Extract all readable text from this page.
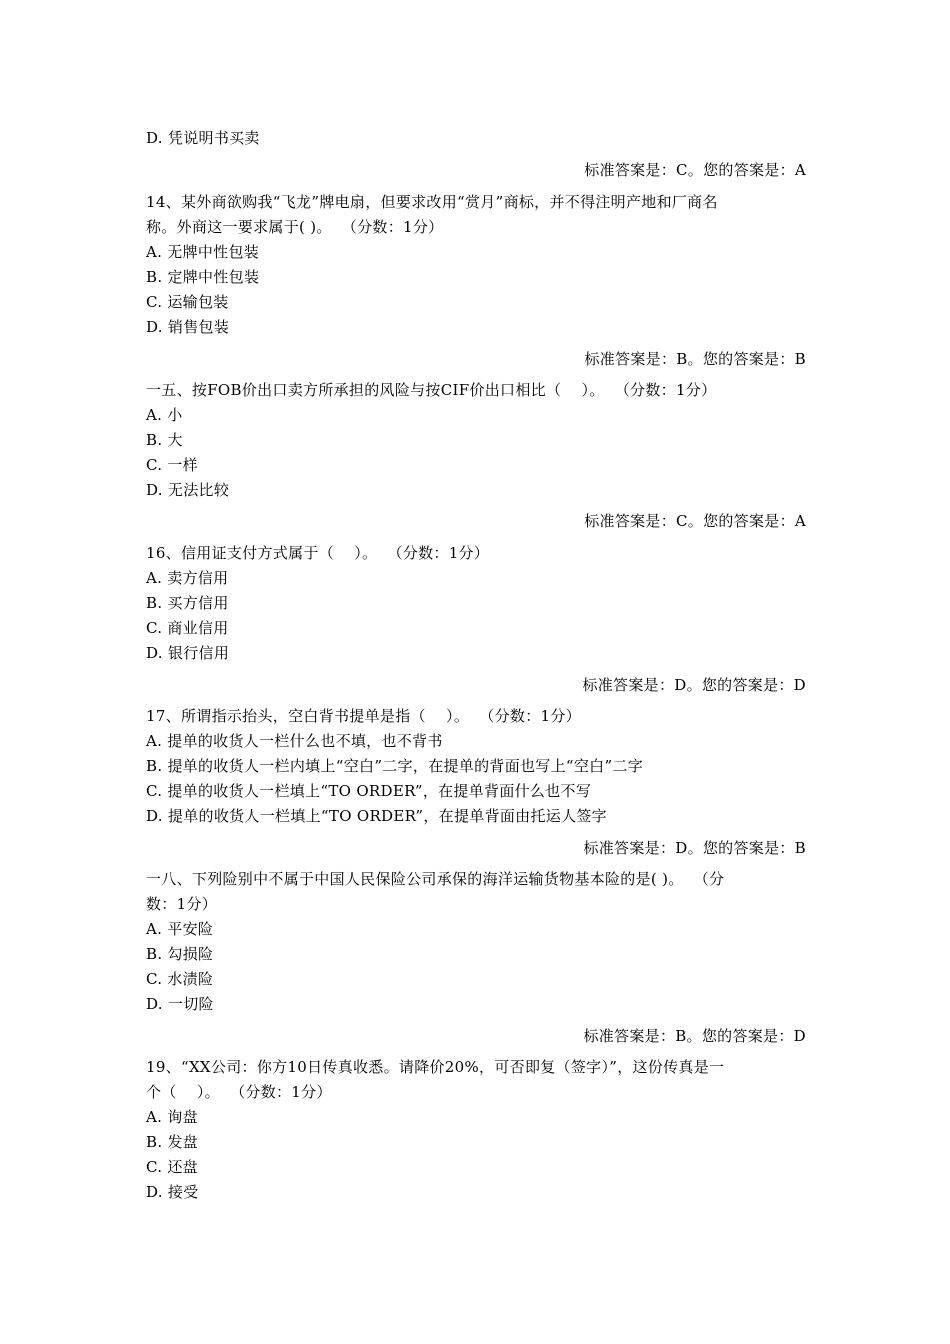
D. 凭说明书买卖
标准答案是：C。您的答案是：A
14、某外商欲购我“飞龙”牌电扇，但要求改用“赏月”商标，并不得注明产地和厂商名
称。外商这一要求属于( )。  （分数：1分）
A. 无牌中性包装
B. 定牌中性包装
C. 运输包装
D. 销售包装
标准答案是：B。您的答案是：B
一五、按FOB价出口卖方所承担的风险与按CIF价出口相比（    ）。  （分数：1分）
A. 小
B. 大
C. 一样
D. 无法比较
标准答案是：C。您的答案是：A
16、信用证支付方式属于（    ）。  （分数：1分）
A. 卖方信用
B. 买方信用
C. 商业信用
D. 银行信用
标准答案是：D。您的答案是：D
17、所谓指示抬头，空白背书提单是指（    ）。  （分数：1分）
A. 提单的收货人一栏什么也不填，也不背书
B. 提单的收货人一栏内填上“空白”二字，在提单的背面也写上“空白”二字
C. 提单的收货人一栏填上“TO ORDER”，在提单背面什么也不写
D. 提单的收货人一栏填上“TO ORDER”，在提单背面由托运人签字
标准答案是：D。您的答案是：B
一八、下列险别中不属于中国人民保险公司承保的海洋运输货物基本险的是( )。  （分
数：1分）
A. 平安险
B. 勾损险
C. 水渍险
D. 一切险
标准答案是：B。您的答案是：D
19、“XX公司：你方10日传真收悉。请降价20%，可否即复（签字）”，这份传真是一
个（    ）。  （分数：1分）
A. 询盘
B. 发盘
C. 还盘
D. 接受
